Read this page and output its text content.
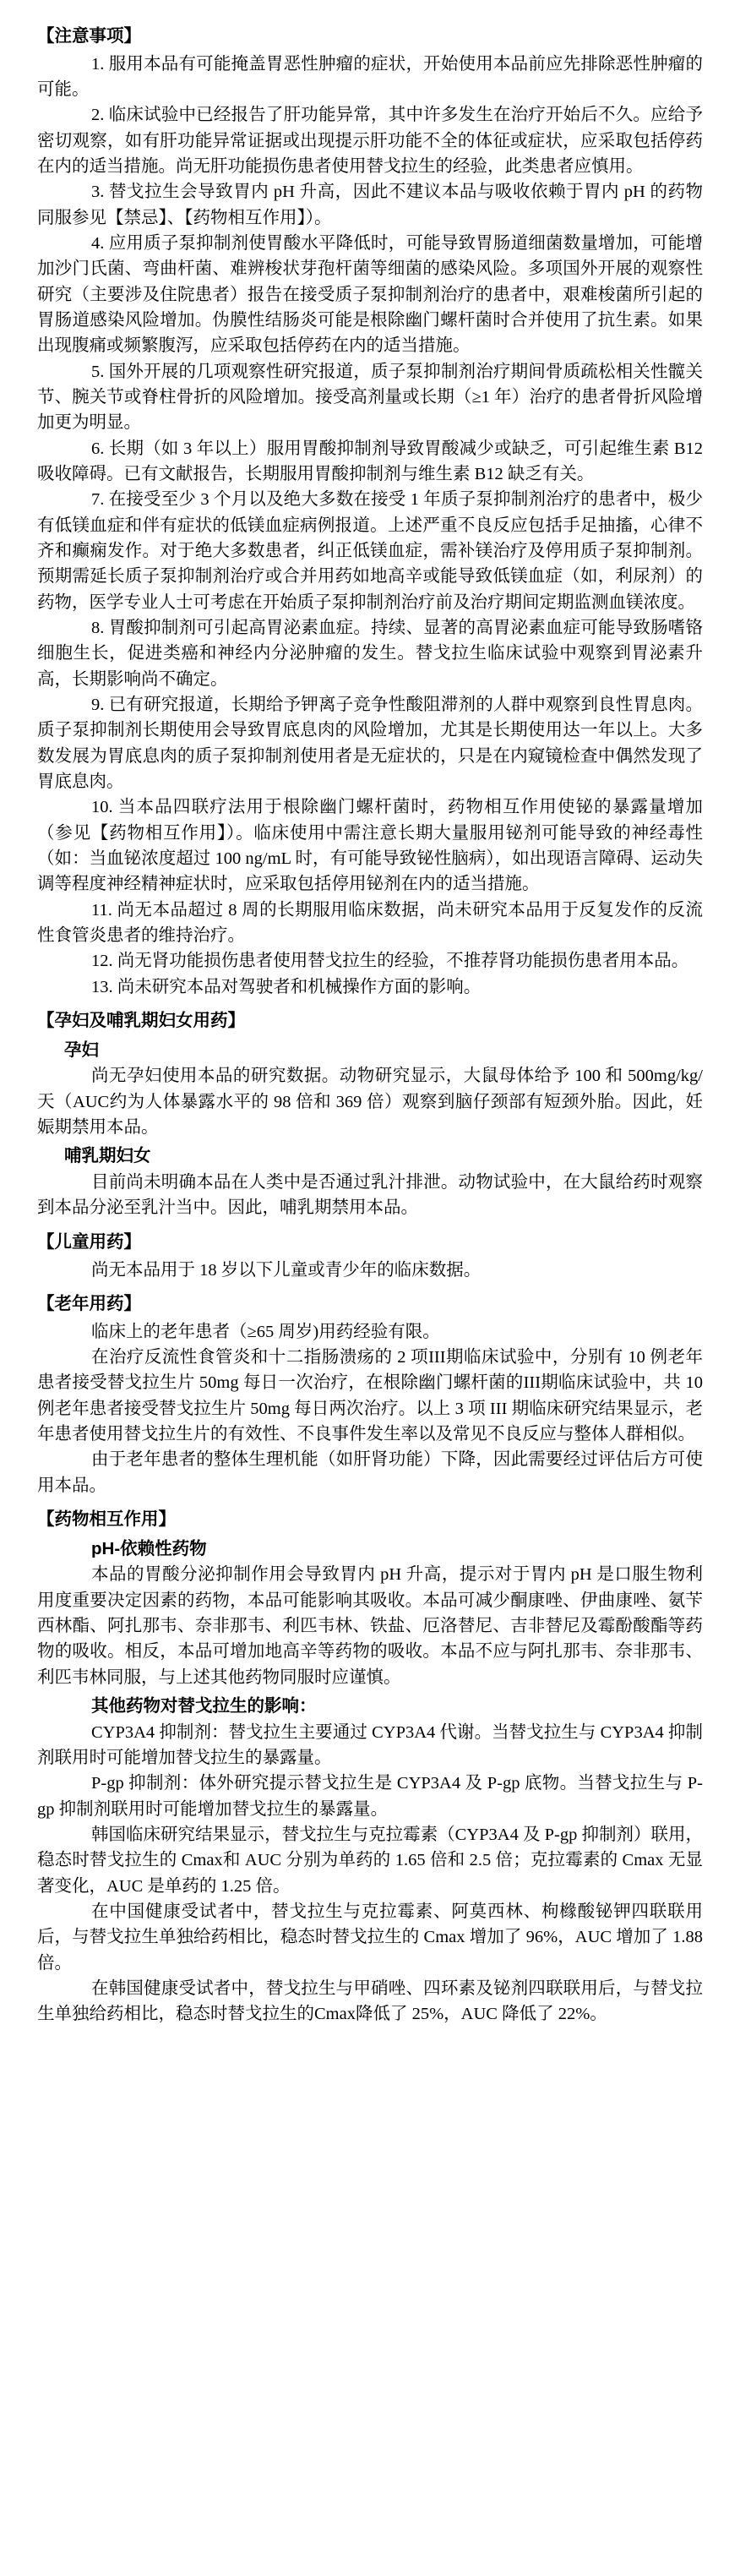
【注意事项】

1. 服用本品有可能掩盖胃恶性肿瘤的症状，开始使用本品前应先排除恶性肿瘤的可能。

2. 临床试验中已经报告了肝功能异常，其中许多发生在治疗开始后不久。应给予密切观察，如有肝功能异常证据或出现提示肝功能不全的体征或症状，应采取包括停药在内的适当措施。尚无肝功能损伤患者使用替戈拉生的经验，此类患者应慎用。

3. 替戈拉生会导致胃内 pH 升高，因此不建议本品与吸收依赖于胃内 pH 的药物同服参见【禁忌】、【药物相互作用】）。

4. 应用质子泵抑制剂使胃酸水平降低时，可能导致胃肠道细菌数量增加，可能增加沙门氏菌、弯曲杆菌、难辨梭状芽孢杆菌等细菌的感染风险。多项国外开展的观察性研究（主要涉及住院患者）报告在接受质子泵抑制剂治疗的患者中，艰难梭菌所引起的胃肠道感染风险增加。伪膜性结肠炎可能是根除幽门螺杆菌时合并使用了抗生素。如果出现腹痛或频繁腹泻，应采取包括停药在内的适当措施。

5. 国外开展的几项观察性研究报道，质子泵抑制剂治疗期间骨质疏松相关性髋关节、腕关节或脊柱骨折的风险增加。接受高剂量或长期（≥1 年）治疗的患者骨折风险增加更为明显。

6. 长期（如 3 年以上）服用胃酸抑制剂导致胃酸减少或缺乏，可引起维生素 B12 吸收障碍。已有文献报告，长期服用胃酸抑制剂与维生素 B12 缺乏有关。

7. 在接受至少 3 个月以及绝大多数在接受 1 年质子泵抑制剂治疗的患者中，极少有低镁血症和伴有症状的低镁血症病例报道。上述严重不良反应包括手足抽搐，心律不齐和癫痫发作。对于绝大多数患者，纠正低镁血症，需补镁治疗及停用质子泵抑制剂。预期需延长质子泵抑制剂治疗或合并用药如地高辛或能导致低镁血症（如，利尿剂）的药物，医学专业人士可考虑在开始质子泵抑制剂治疗前及治疗期间定期监测血镁浓度。

8. 胃酸抑制剂可引起高胃泌素血症。持续、显著的高胃泌素血症可能导致肠嗜铬细胞生长，促进类癌和神经内分泌肿瘤的发生。替戈拉生临床试验中观察到胃泌素升高，长期影响尚不确定。

9. 已有研究报道，长期给予钾离子竞争性酸阻滞剂的人群中观察到良性胃息肉。质子泵抑制剂长期使用会导致胃底息肉的风险增加，尤其是长期使用达一年以上。大多数发展为胃底息肉的质子泵抑制剂使用者是无症状的，只是在内窥镜检查中偶然发现了胃底息肉。

10. 当本品四联疗法用于根除幽门螺杆菌时，药物相互作用使铋的暴露量增加（参见【药物相互作用】）。临床使用中需注意长期大量服用铋剂可能导致的神经毒性（如：当血铋浓度超过 100 ng/mL 时，有可能导致铋性脑病），如出现语言障碍、运动失调等程度神经精神症状时，应采取包括停用铋剂在内的适当措施。

11. 尚无本品超过 8 周的长期服用临床数据，尚未研究本品用于反复发作的反流性食管炎患者的维持治疗。

12. 尚无肾功能损伤患者使用替戈拉生的经验，不推荐肾功能损伤患者用本品。

13. 尚未研究本品对驾驶者和机械操作方面的影响。

【孕妇及哺乳期妇女用药】
孕妇

尚无孕妇使用本品的研究数据。动物研究显示，大鼠母体给予 100 和 500mg/kg/天（AUC约为人体暴露水平的 98 倍和 369 倍）观察到脑仔颈部有短颈外胎。因此，妊娠期禁用本品。

哺乳期妇女

目前尚未明确本品在人类中是否通过乳汁排泄。动物试验中，在大鼠给药时观察到本品分泌至乳汁当中。因此，哺乳期禁用本品。

【儿童用药】

尚无本品用于 18 岁以下儿童或青少年的临床数据。

【老年用药】

临床上的老年患者（≥65 周岁)用药经验有限。

在治疗反流性食管炎和十二指肠溃疡的 2 项III期临床试验中，分别有 10 例老年患者接受替戈拉生片 50mg 每日一次治疗，在根除幽门螺杆菌的III期临床试验中，共 10 例老年患者接受替戈拉生片 50mg 每日两次治疗。以上 3 项 III 期临床研究结果显示，老年患者使用替戈拉生片的有效性、不良事件发生率以及常见不良反应与整体人群相似。

由于老年患者的整体生理机能（如肝肾功能）下降，因此需要经过评估后方可使用本品。

【药物相互作用】
pH-依赖性药物

本品的胃酸分泌抑制作用会导致胃内 pH 升高，提示对于胃内 pH 是口服生物利用度重要决定因素的药物，本品可能影响其吸收。本品可减少酮康唑、伊曲康唑、氨苄西林酯、阿扎那韦、奈非那韦、利匹韦林、铁盐、厄洛替尼、吉非替尼及霉酚酸酯等药物的吸收。相反，本品可增加地高辛等药物的吸收。本品不应与阿扎那韦、奈非那韦、利匹韦林同服，与上述其他药物同服时应谨慎。

其他药物对替戈拉生的影响：

CYP3A4 抑制剂：替戈拉生主要通过 CYP3A4 代谢。当替戈拉生与 CYP3A4 抑制剂联用时可能增加替戈拉生的暴露量。

P-gp 抑制剂：体外研究提示替戈拉生是 CYP3A4 及 P-gp 底物。当替戈拉生与 P-gp 抑制剂联用时可能增加替戈拉生的暴露量。

韩国临床研究结果显示，替戈拉生与克拉霉素（CYP3A4 及 P-gp 抑制剂）联用，稳态时替戈拉生的 Cmax和 AUC 分别为单药的 1.65 倍和 2.5 倍；克拉霉素的 Cmax 无显著变化，AUC 是单药的 1.25 倍。

在中国健康受试者中，替戈拉生与克拉霉素、阿莫西林、枸橼酸铋钾四联联用后，与替戈拉生单独给药相比，稳态时替戈拉生的 Cmax 增加了 96%，AUC 增加了 1.88 倍。

在韩国健康受试者中，替戈拉生与甲硝唑、四环素及铋剂四联联用后，与替戈拉生单独给药相比，稳态时替戈拉生的Cmax降低了 25%，AUC 降低了 22%。
